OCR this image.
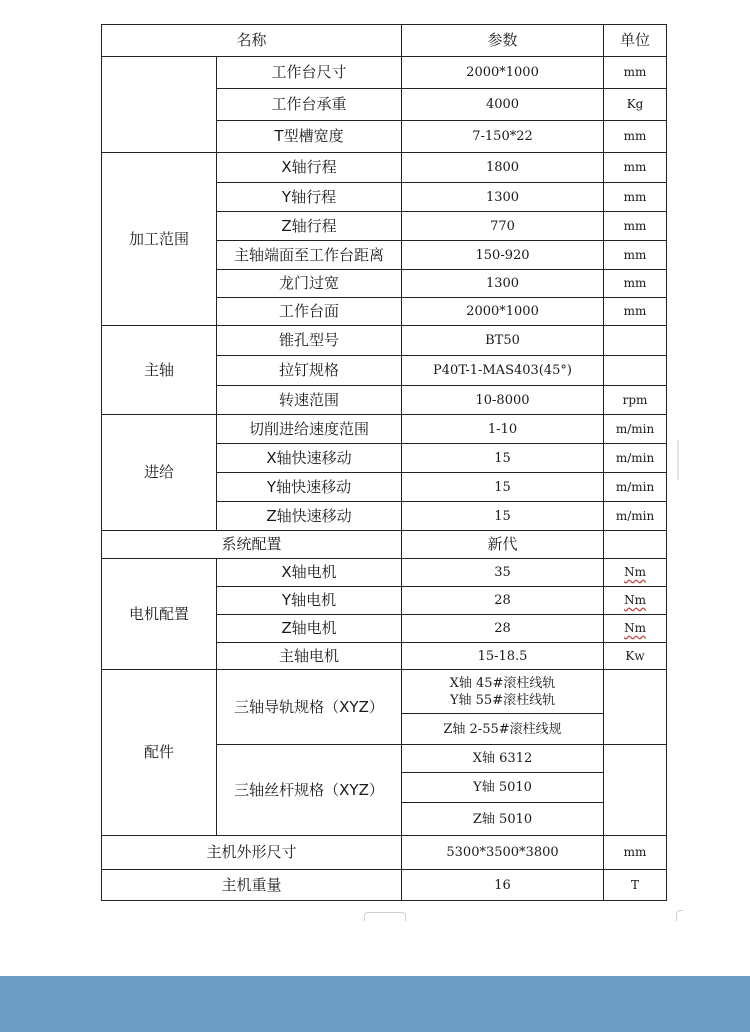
名称		参数	单位
	工作台尺寸	2000*1000	mm
	工作台承重	4000	Kg
	T型槽宽度	7-150*22	mm
加工范围	X轴行程	1800	mm
	Y轴行程	1300	mm
	Z轴行程	770	mm
	主轴端面至工作台距离	150-920	mm
	龙门过宽	1300	mm
	工作台面	2000*1000	mm
主轴	锥孔型号	BT50	
	拉钉规格	P40T-1-MAS403(45°)	
	转速范围	10-8000	rpm
进给	切削进给速度范围	1-10	m/min
	X轴快速移动	15	m/min
	Y轴快速移动	15	m/min
	Z轴快速移动	15	m/min
系统配置		新代	
电机配置	X轴电机	35	Nm
	Y轴电机	28	Nm
	Z轴电机	28	Nm
	主轴电机	15-18.5	Kw
配件	三轴导轨规格（XYZ）	X轴 45#滚柱线轨
Y轴 55#滚柱线轨	

		Z轴 2-55#滚柱线规	
	三轴丝杆规格（XYZ）	X轴 6312	
		Y轴 5010	
		Z轴 5010	
主机外形尺寸		5300*3500*3800	mm
主机重量		16	T
